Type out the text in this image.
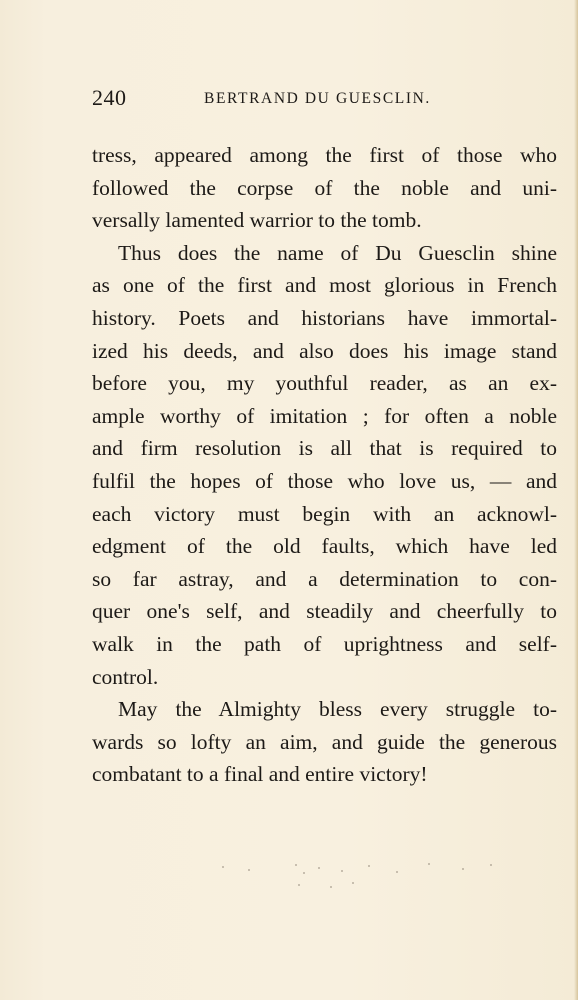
240	BERTRAND DU GUESCLIN.
tress, appeared among the first of those who
followed the corpse of the noble and uni-
versally lamented warrior to the tomb.
Thus does the name of Du Guesclin shine
as one of the first and most glorious in French
history. Poets and historians have immortal-
ized his deeds, and also does his image stand
before you, my youthful reader, as an ex-
ample worthy of imitation ; for often a noble
and firm resolution is all that is required to
fulfil the hopes of those who love us, — and
each victory must begin with an acknowl-
edgment of the old faults, which have led
so far astray, and a determination to con-
quer one's self, and steadily and cheerfully to
walk in the path of uprightness and self-
control.
May the Almighty bless every struggle to-
wards so lofty an aim, and guide the generous
combatant to a final and entire victory!
